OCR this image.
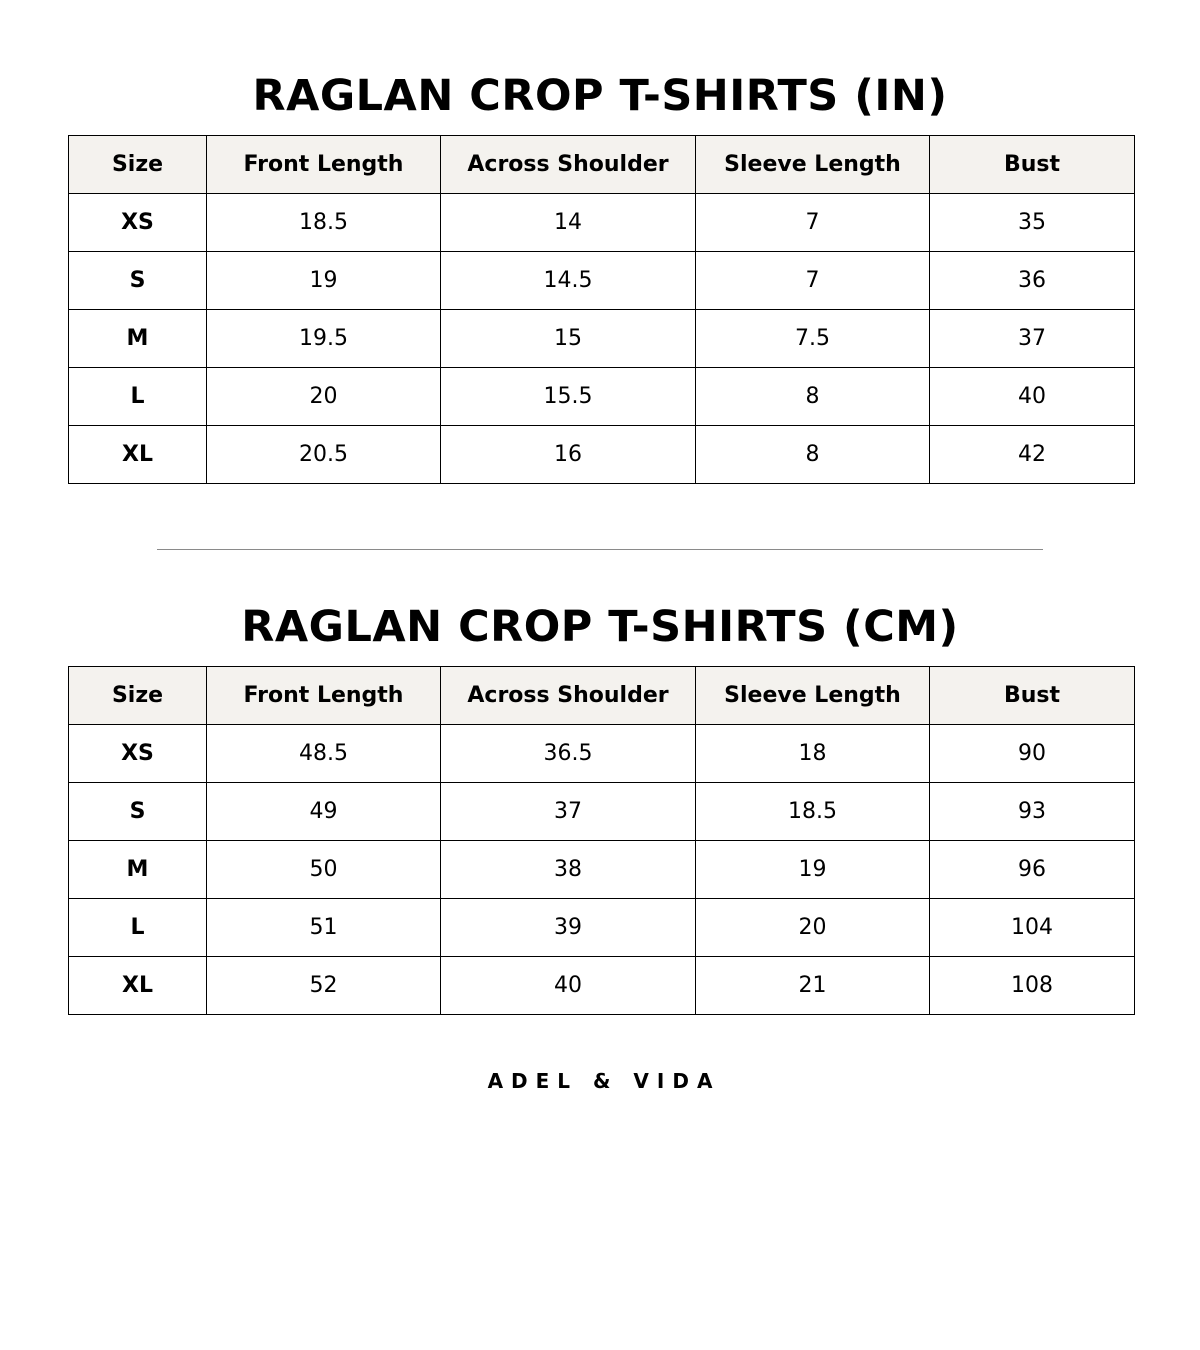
RAGLAN CROP T-SHIRTS (IN)
Size	Front Length	Across Shoulder	Sleeve Length	Bust
XS	18.5	14	7	35
S	19	14.5	7	36
M	19.5	15	7.5	37
L	20	15.5	8	40
XL	20.5	16	8	42
RAGLAN CROP T-SHIRTS (CM)
Size	Front Length	Across Shoulder	Sleeve Length	Bust
XS	48.5	36.5	18	90
S	49	37	18.5	93
M	50	38	19	96
L	51	39	20	104
XL	52	40	21	108
ADEL & VIDA
